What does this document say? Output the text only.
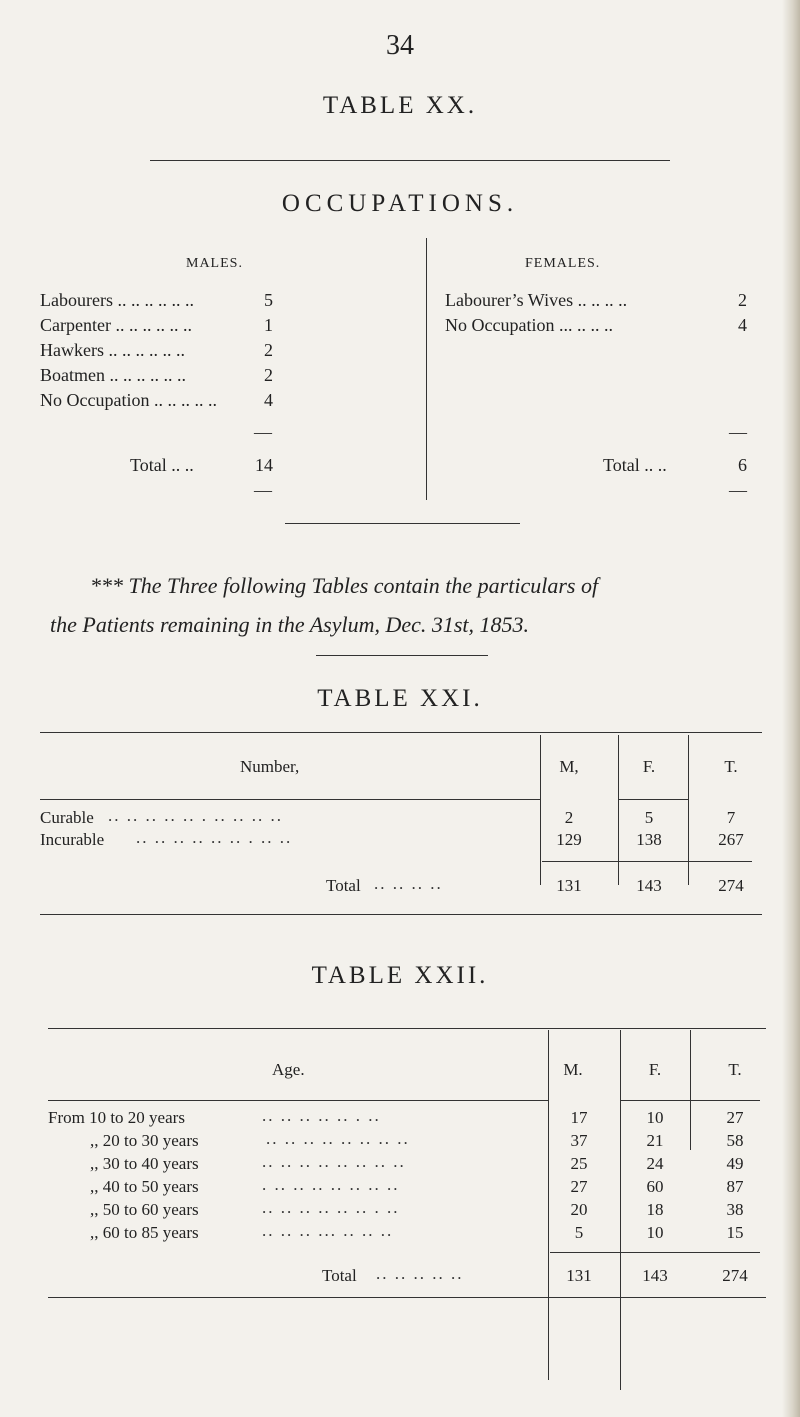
34
TABLE XX.
OCCUPATIONS.
MALES.	FEMALES.
Labourers .. .. .. .. .. ..	5
Carpenter .. .. .. .. .. ..	1
Hawkers .. .. .. .. .. ..	2
Boatmen .. .. .. .. .. ..	2
No Occupation .. .. .. .. ..	4
—
Total .. ..	14
—
Labourer’s Wives .. .. .. ..	2
No Occupation ... .. .. ..	4
—
Total .. ..	6
—
*** The Three following Tables contain the particulars of
the Patients remaining in the Asylum, Dec. 31st, 1853.
TABLE XXI.
Number,	M,	F.	T.
Curable .. .. .. .. .. . .. .. .. ..	2	5	7
Incurable .. .. .. .. .. .. . .. ..	129	138	267
Total .. .. .. ..	131	143	274
TABLE XXII.
Age.	M.	F.	T.
From 10 to 20 years	.. .. .. .. .. . ..	17	10	27
,, 20 to 30 years	.. .. .. .. .. .. .. ..	37	21	58
,, 30 to 40 years	.. .. .. .. .. .. .. ..	25	24	49
,, 40 to 50 years	. .. .. .. .. .. .. ..	27	60	87
,, 50 to 60 years	.. .. .. .. .. .. . ..	20	18	38
,, 60 to 85 years	.. .. .. ... .. .. ..	5	10	15
Total .. .. .. .. ..	131	143	274
